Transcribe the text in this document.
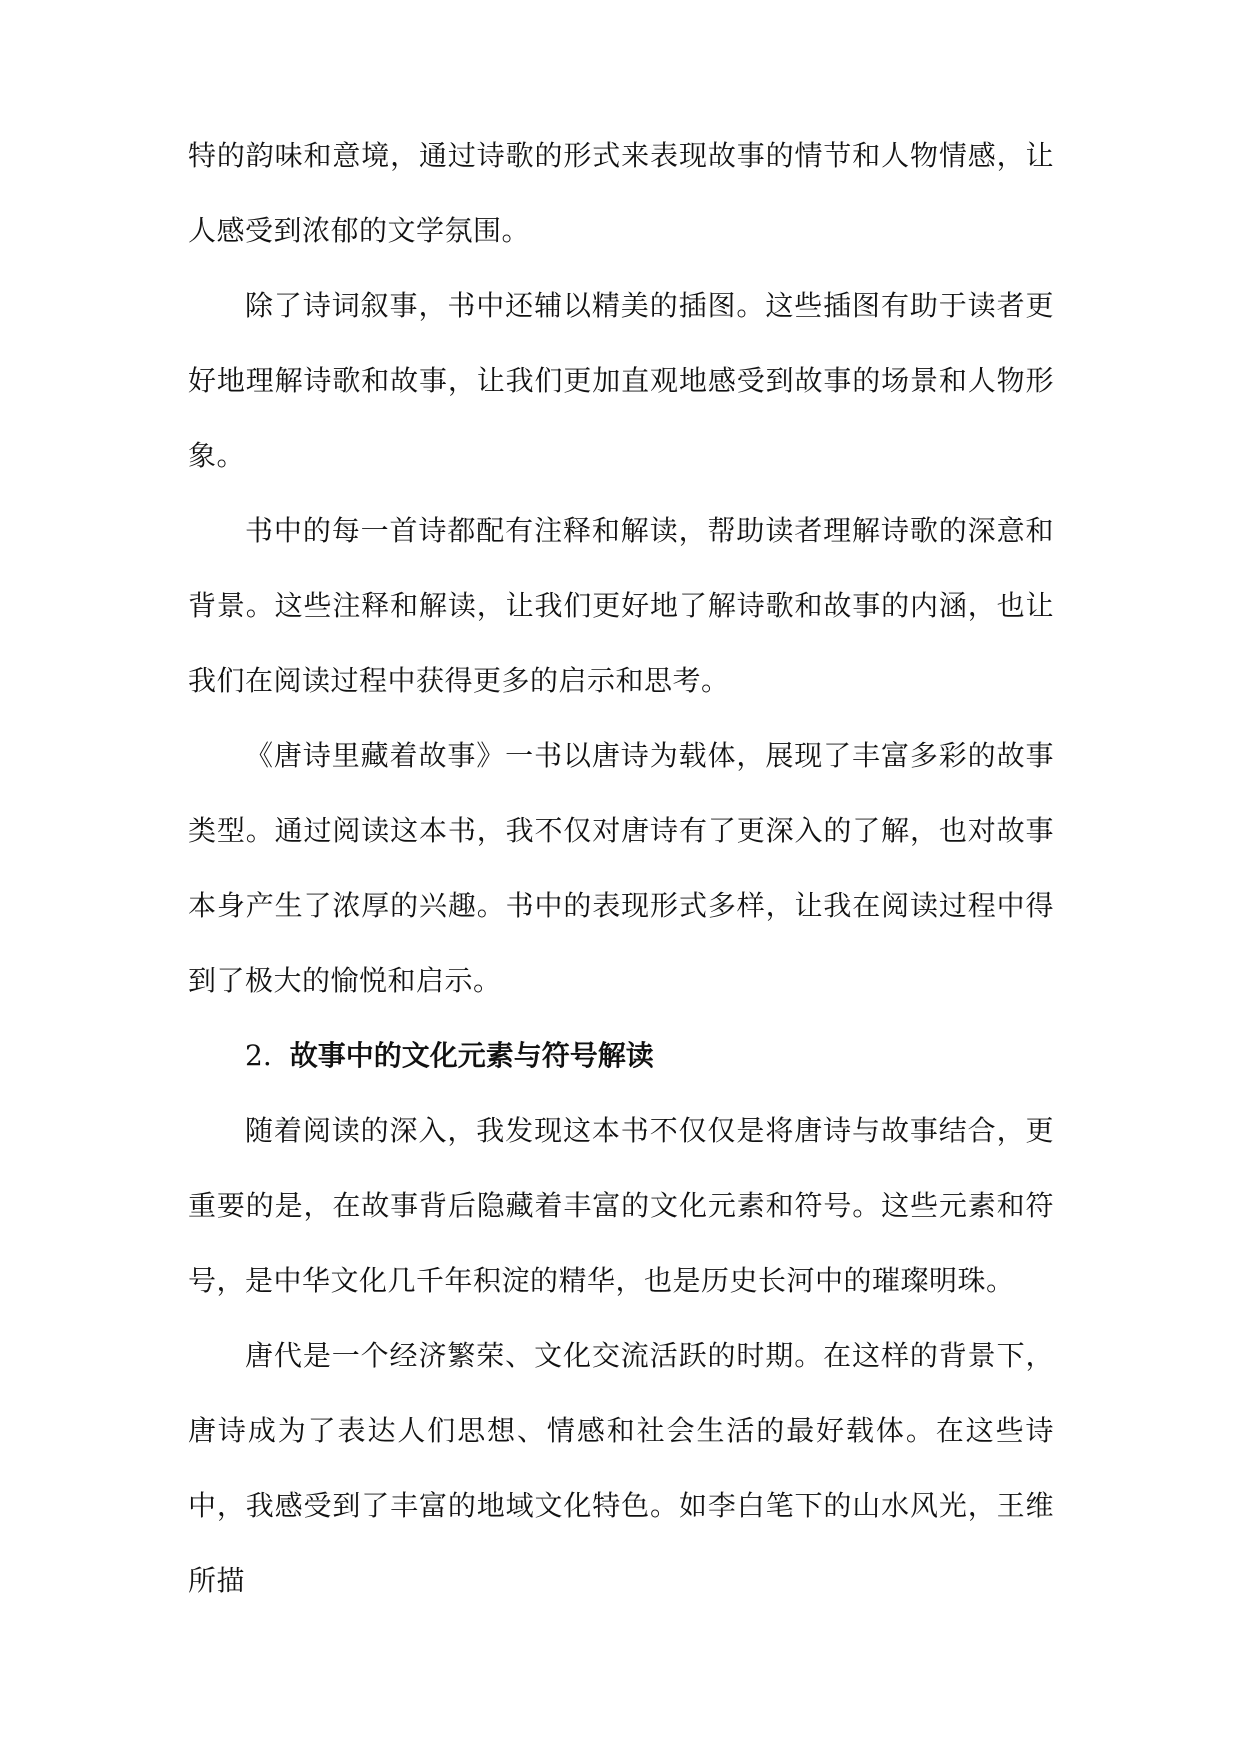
特的韵味和意境，通过诗歌的形式来表现故事的情节和人物情感，让人感受到浓郁的文学氛围。

除了诗词叙事，书中还辅以精美的插图。这些插图有助于读者更好地理解诗歌和故事，让我们更加直观地感受到故事的场景和人物形象。

书中的每一首诗都配有注释和解读，帮助读者理解诗歌的深意和背景。这些注释和解读，让我们更好地了解诗歌和故事的内涵，也让我们在阅读过程中获得更多的启示和思考。

《唐诗里藏着故事》一书以唐诗为载体，展现了丰富多彩的故事类型。通过阅读这本书，我不仅对唐诗有了更深入的了解，也对故事本身产生了浓厚的兴趣。书中的表现形式多样，让我在阅读过程中得到了极大的愉悦和启示。

2. 故事中的文化元素与符号解读

随着阅读的深入，我发现这本书不仅仅是将唐诗与故事结合，更重要的是，在故事背后隐藏着丰富的文化元素和符号。这些元素和符号，是中华文化几千年积淀的精华，也是历史长河中的璀璨明珠。

唐代是一个经济繁荣、文化交流活跃的时期。在这样的背景下，唐诗成为了表达人们思想、情感和社会生活的最好载体。在这些诗中，我感受到了丰富的地域文化特色。如李白笔下的山水风光，王维所描
